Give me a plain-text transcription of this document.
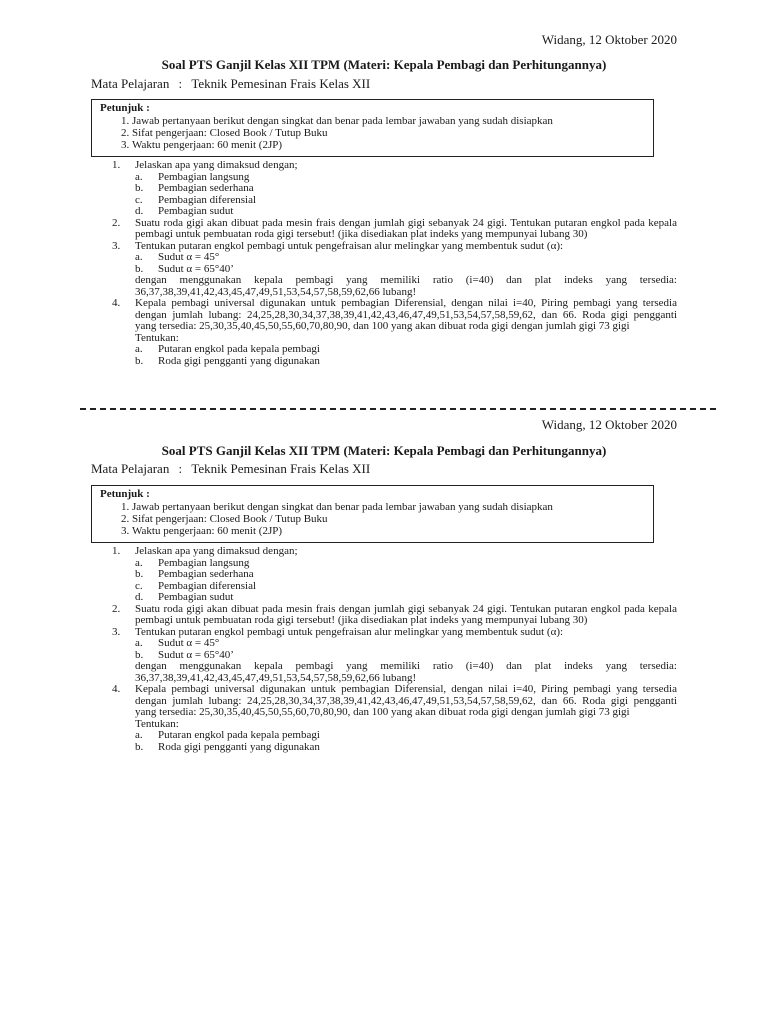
Widang, 12 Oktober 2020
Soal PTS Ganjil Kelas XII TPM (Materi: Kepala Pembagi dan Perhitungannya)
Mata Pelajaran : Teknik Pemesinan Frais Kelas XII
Petunjuk :
1. Jawab pertanyaan berikut dengan singkat dan benar pada lembar jawaban yang sudah disiapkan
2. Sifat pengerjaan: Closed Book / Tutup Buku
3. Waktu pengerjaan: 60 menit (2JP)
1. Jelaskan apa yang dimaksud dengan;
a. Pembagian langsung
b. Pembagian sederhana
c. Pembagian diferensial
d. Pembagian sudut
2. Suatu roda gigi akan dibuat pada mesin frais dengan jumlah gigi sebanyak 24 gigi. Tentukan putaran engkol pada kepala pembagi untuk pembuatan roda gigi tersebut! (jika disediakan plat indeks yang mempunyai lubang 30)
3. Tentukan putaran engkol pembagi untuk pengefraisan alur melingkar yang membentuk sudut (α):
a. Sudut α = 45°
b. Sudut α = 65°40’
dengan menggunakan kepala pembagi yang memiliki ratio (i=40) dan plat indeks yang tersedia: 36,37,38,39,41,42,43,45,47,49,51,53,54,57,58,59,62,66 lubang!
4. Kepala pembagi universal digunakan untuk pembagian Diferensial, dengan nilai i=40, Piring pembagi yang tersedia dengan jumlah lubang: 24,25,28,30,34,37,38,39,41,42,43,46,47,49,51,53,54,57,58,59,62, dan 66. Roda gigi pengganti yang tersedia: 25,30,35,40,45,50,55,60,70,80,90, dan 100 yang akan dibuat roda gigi dengan jumlah gigi 73 gigi
Tentukan:
a. Putaran engkol pada kepala pembagi
b. Roda gigi pengganti yang digunakan
Widang, 12 Oktober 2020
Soal PTS Ganjil Kelas XII TPM (Materi: Kepala Pembagi dan Perhitungannya)
Mata Pelajaran : Teknik Pemesinan Frais Kelas XII
Petunjuk :
1. Jawab pertanyaan berikut dengan singkat dan benar pada lembar jawaban yang sudah disiapkan
2. Sifat pengerjaan: Closed Book / Tutup Buku
3. Waktu pengerjaan: 60 menit (2JP)
1. Jelaskan apa yang dimaksud dengan;
a. Pembagian langsung
b. Pembagian sederhana
c. Pembagian diferensial
d. Pembagian sudut
2. Suatu roda gigi akan dibuat pada mesin frais dengan jumlah gigi sebanyak 24 gigi. Tentukan putaran engkol pada kepala pembagi untuk pembuatan roda gigi tersebut! (jika disediakan plat indeks yang mempunyai lubang 30)
3. Tentukan putaran engkol pembagi untuk pengefraisan alur melingkar yang membentuk sudut (α):
a. Sudut α = 45°
b. Sudut α = 65°40’
dengan menggunakan kepala pembagi yang memiliki ratio (i=40) dan plat indeks yang tersedia: 36,37,38,39,41,42,43,45,47,49,51,53,54,57,58,59,62,66 lubang!
4. Kepala pembagi universal digunakan untuk pembagian Diferensial, dengan nilai i=40, Piring pembagi yang tersedia dengan jumlah lubang: 24,25,28,30,34,37,38,39,41,42,43,46,47,49,51,53,54,57,58,59,62, dan 66. Roda gigi pengganti yang tersedia: 25,30,35,40,45,50,55,60,70,80,90, dan 100 yang akan dibuat roda gigi dengan jumlah gigi 73 gigi
Tentukan:
a. Putaran engkol pada kepala pembagi
b. Roda gigi pengganti yang digunakan
